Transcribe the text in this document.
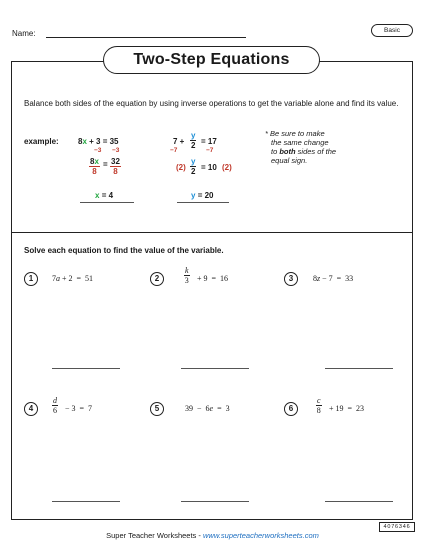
Name:	Basic
Two-Step Equations
Balance both sides of the equation by using inverse operations to get the variable alone and find its value.
example: 8x + 3 = 35
−3 −3
$\frac{8x}{8} = \frac{32}{8}$
x = 4
$7 + \frac{y}{2} = 17$
−7	−7
$(2) \frac{y}{2} = 10$ (2)
y = 20
* Be sure to make
the same change
to both sides of the
equal sign.
Solve each equation to find the value of the variable.
1	7a + 2  =  51	2	$\frac{k}{3} + 9 = 16$	3	8z − 7  =  33
4	$\frac{d}{6} - 3 = 7$	5	39  −  6e  =  3	6	$\frac{c}{8} + 19 = 23$
4076346
Super Teacher Worksheets - www.superteacherworksheets.com
